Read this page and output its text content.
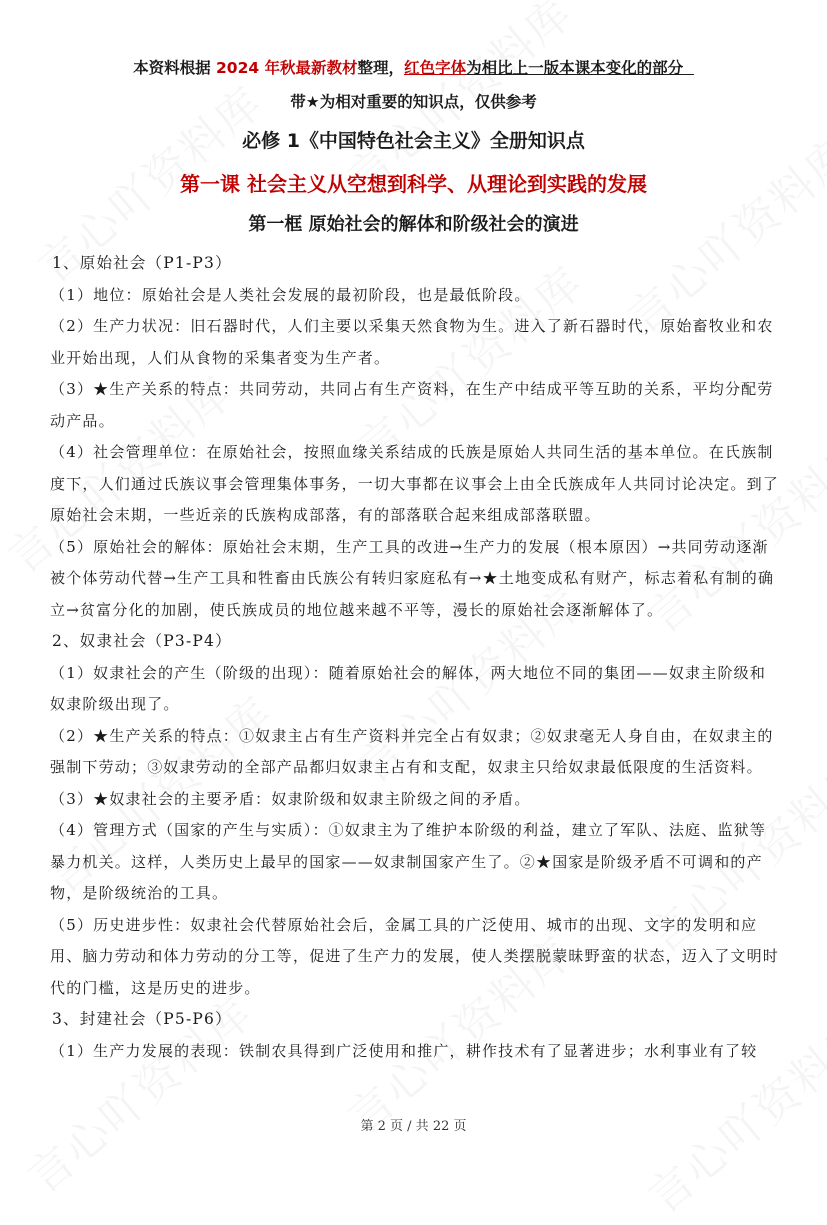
本资料根据 2024 年秋最新教材整理，红色字体为相比上一版本课本变化的部分
带★为相对重要的知识点，仅供参考
必修 1《中国特色社会主义》全册知识点
第一课 社会主义从空想到科学、从理论到实践的发展
第一框 原始社会的解体和阶级社会的演进

1、原始社会（P1-P3）

（1）地位：原始社会是人类社会发展的最初阶段，也是最低阶段。

（2）生产力状况：旧石器时代，人们主要以采集天然食物为生。进入了新石器时代，原始畜牧业和农业开始出现，人们从食物的采集者变为生产者。

（3）★生产关系的特点：共同劳动，共同占有生产资料，在生产中结成平等互助的关系，平均分配劳动产品。

（4）社会管理单位：在原始社会，按照血缘关系结成的氏族是原始人共同生活的基本单位。在氏族制度下，人们通过氏族议事会管理集体事务，一切大事都在议事会上由全氏族成年人共同讨论决定。到了原始社会末期，一些近亲的氏族构成部落，有的部落联合起来组成部落联盟。

（5）原始社会的解体：原始社会末期，生产工具的改进→生产力的发展（根本原因）→共同劳动逐渐被个体劳动代替→生产工具和牲畜由氏族公有转归家庭私有→★土地变成私有财产，标志着私有制的确立→贫富分化的加剧，使氏族成员的地位越来越不平等，漫长的原始社会逐渐解体了。

2、奴隶社会（P3-P4）

（1）奴隶社会的产生（阶级的出现）：随着原始社会的解体，两大地位不同的集团——奴隶主阶级和奴隶阶级出现了。

（2）★生产关系的特点：①奴隶主占有生产资料并完全占有奴隶；②奴隶毫无人身自由，在奴隶主的强制下劳动；③奴隶劳动的全部产品都归奴隶主占有和支配，奴隶主只给奴隶最低限度的生活资料。

（3）★奴隶社会的主要矛盾：奴隶阶级和奴隶主阶级之间的矛盾。

（4）管理方式（国家的产生与实质）：①奴隶主为了维护本阶级的利益，建立了军队、法庭、监狱等暴力机关。这样，人类历史上最早的国家——奴隶制国家产生了。②★国家是阶级矛盾不可调和的产物，是阶级统治的工具。

（5）历史进步性：奴隶社会代替原始社会后，金属工具的广泛使用、城市的出现、文字的发明和应用、脑力劳动和体力劳动的分工等，促进了生产力的发展，使人类摆脱蒙昧野蛮的状态，迈入了文明时代的门槛，这是历史的进步。

3、封建社会（P5-P6）

（1）生产力发展的表现：铁制农具得到广泛使用和推广，耕作技术有了显著进步；水利事业有了较

第 2 页 / 共 22 页
